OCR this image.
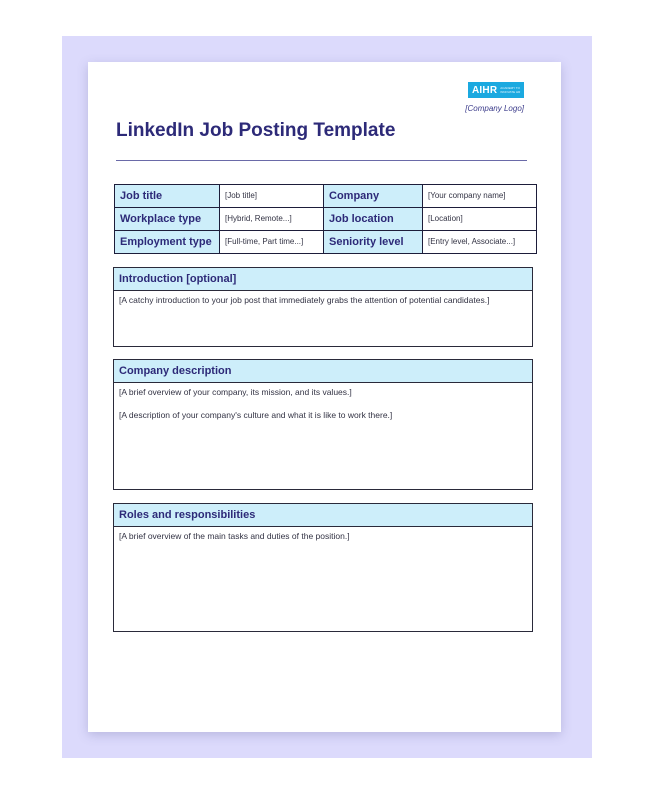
AIHR	ACADEMY TO INNOVATE HR
[Company Logo]
LinkedIn Job Posting Template
Job title	[Job title]	Company	[Your company name]
Workplace type	[Hybrid, Remote...]	Job location	[Location]
Employment type	[Full-time, Part time...]	Seniority level	[Entry level, Associate...]
Introduction [optional]

[A catchy introduction to your job post that immediately grabs the attention of potential candidates.]

Company description

[A brief overview of your company, its mission, and its values.]

[A description of your company's culture and what it is like to work there.]

Roles and responsibilities

[A brief overview of the main tasks and duties of the position.]
